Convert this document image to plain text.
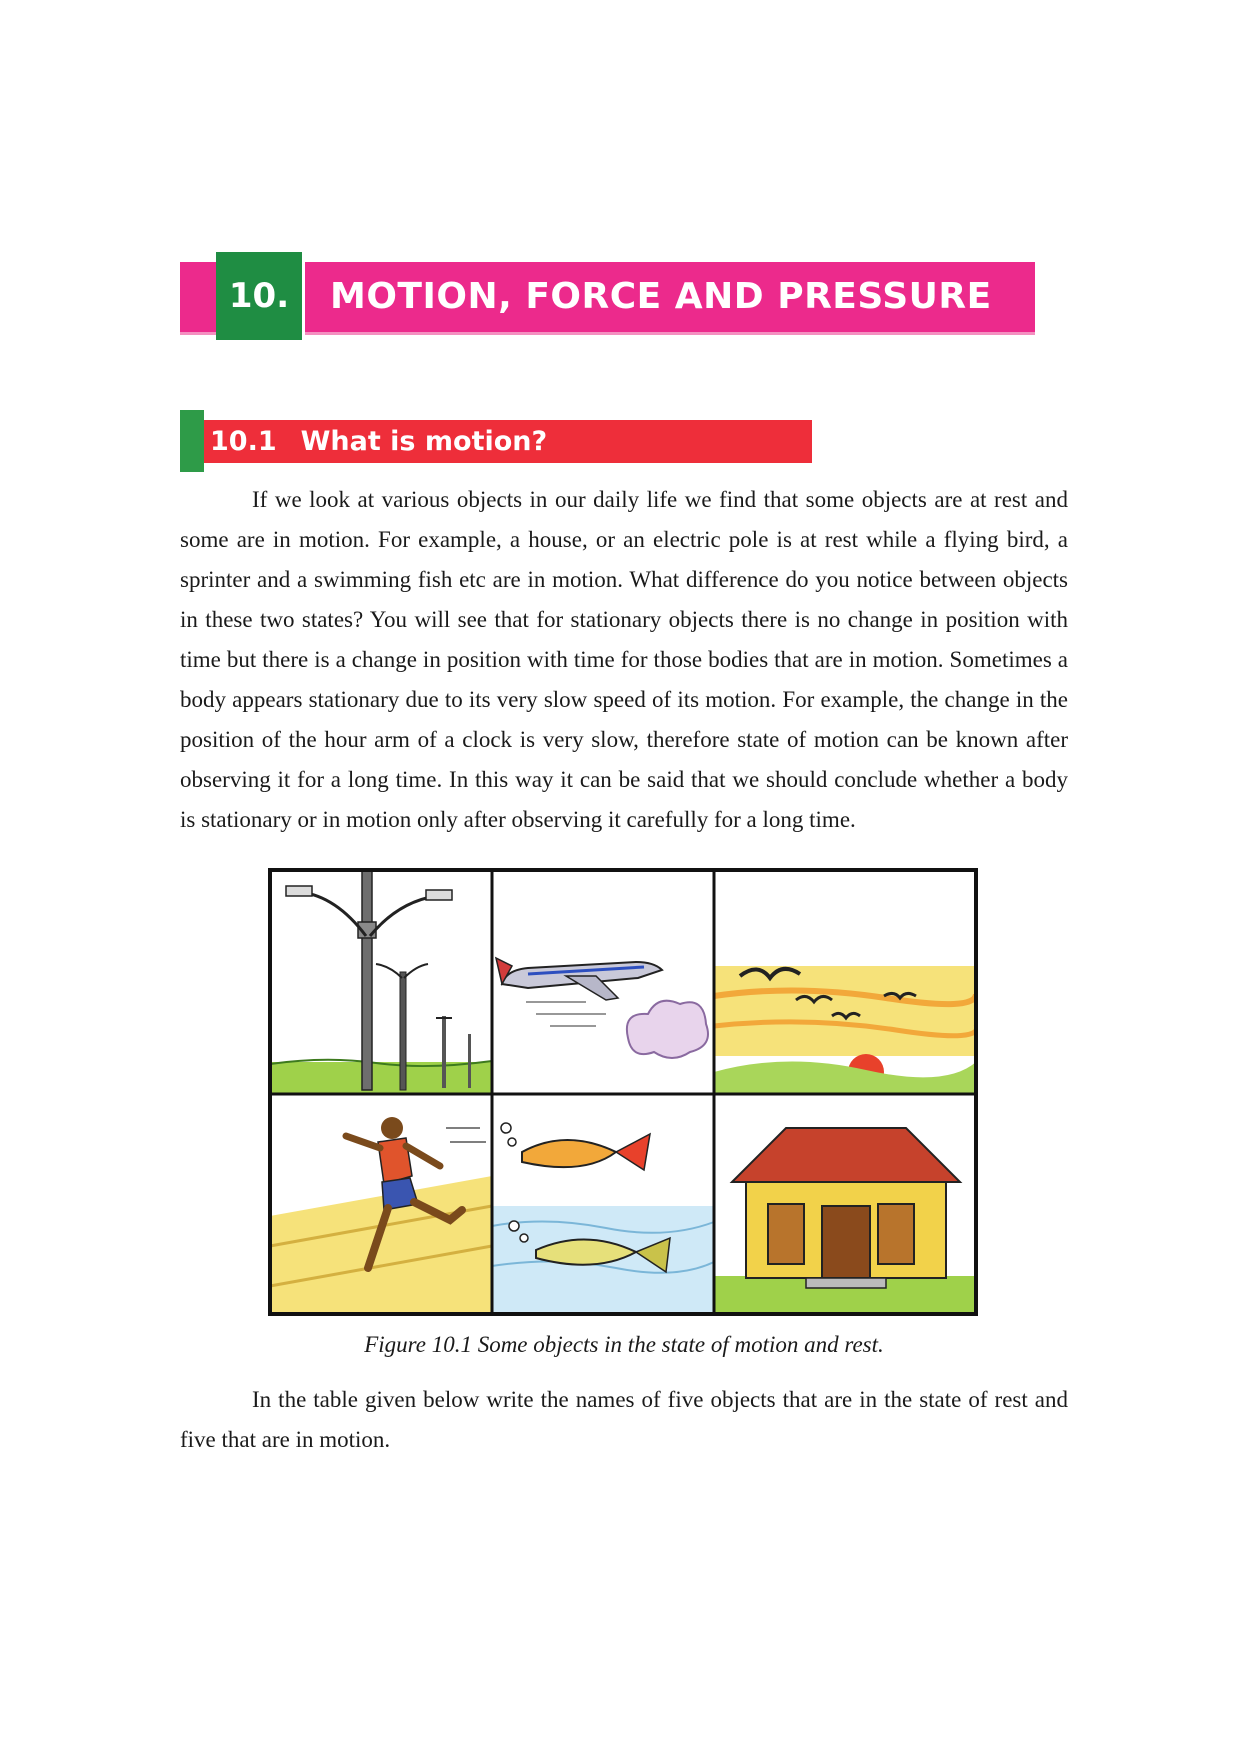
10.	MOTION, FORCE AND PRESSURE
10.1 What is motion?

If we look at various objects in our daily life we find that some objects are at rest and some are in motion. For example, a house, or an electric pole is at rest while a flying bird, a sprinter and a swimming fish etc are in motion. What difference do you notice between objects in these two states? You will see that for stationary objects there is no change in position with time but there is a change in position with time for those bodies that are in motion. Sometimes a body appears stationary due to its very slow speed of its motion. For example, the change in the position of the hour arm of a clock is very slow, therefore state of motion can be known after observing it for a long time. In this way it can be said that we should conclude whether a body is stationary or in motion only after observing it carefully for a long time.

Figure 10.1 Some objects in the state of motion and rest.

In the table given below write the names of five objects that are in the state of rest and five that are in motion.
